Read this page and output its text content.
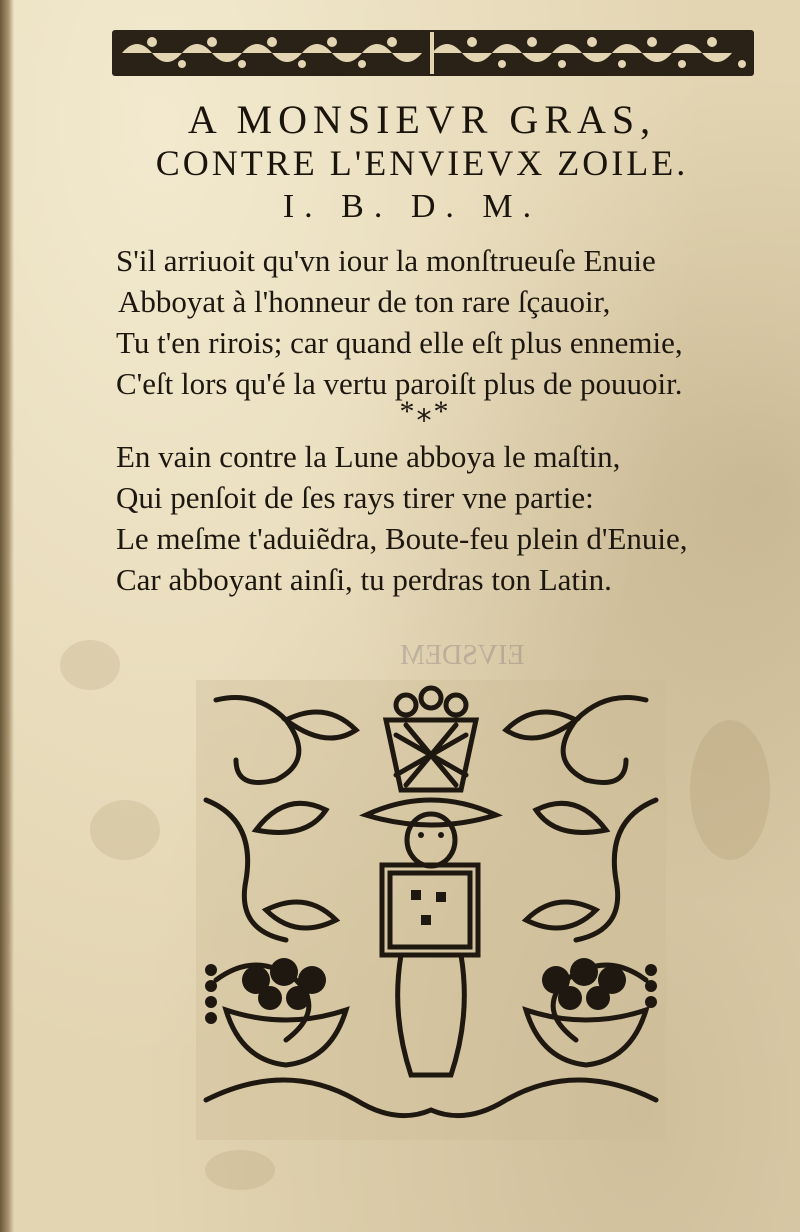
EIVSDEM
A MONSIEVR GRAS,
CONTRE L'ENVIEVX ZOILE.
I. B. D. M.
S'il arriuoit qu'vn iour la monſtrueuſe Enuie
Abboyat à l'honneur de ton rare ſçauoir,
Tu t'en rirois; car quand elle eſt plus ennemie,
C'eſt lors qu'é la vertu paroiſt plus de pouuoir.
*⁎*
En vain contre la Lune abboya le maſtin,
Qui penſoit de ſes rays tirer vne partie:
Le meſme t'aduiẽdra, Boute-feu plein d'Enuie,
Car abboyant ainſi, tu perdras ton Latin.
